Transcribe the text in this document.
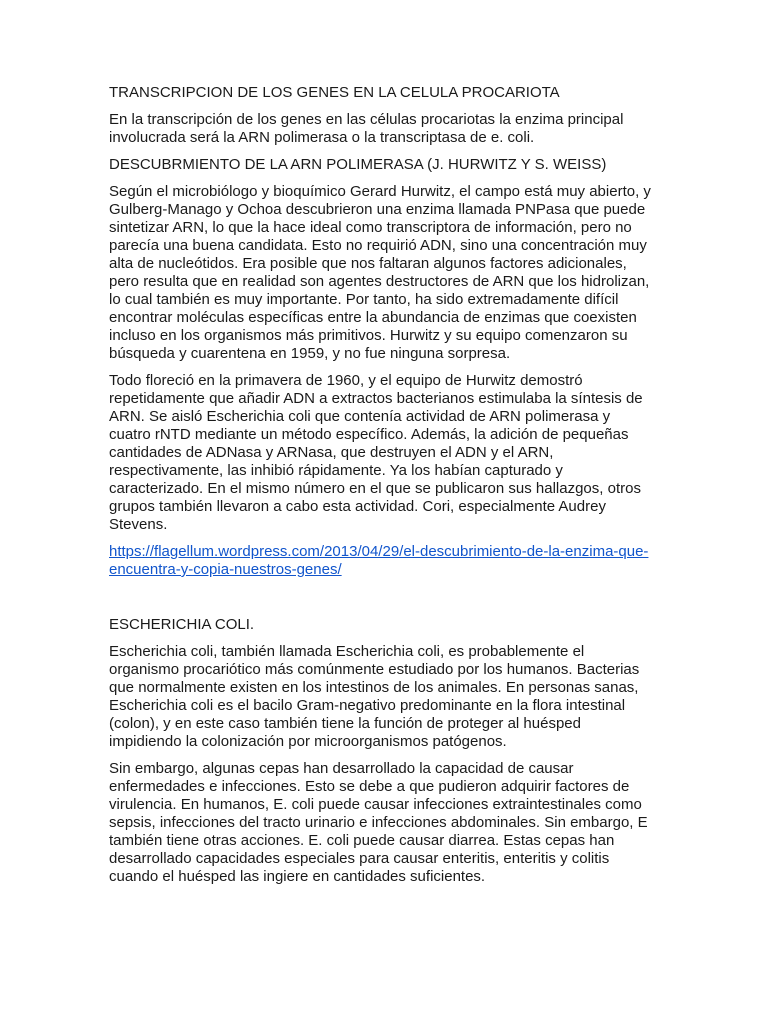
TRANSCRIPCION DE LOS GENES EN LA CELULA PROCARIOTA

En la transcripción de los genes en las células procariotas la enzima principal involucrada será la ARN polimerasa o la transcriptasa de e. coli.

DESCUBRMIENTO DE LA ARN POLIMERASA (J. HURWITZ Y S. WEISS)

Según el microbiólogo y bioquímico Gerard Hurwitz, el campo está muy abierto, y Gulberg-Manago y Ochoa descubrieron una enzima llamada PNPasa que puede sintetizar ARN, lo que la hace ideal como transcriptora de información, pero no parecía una buena candidata. Esto no requirió ADN, sino una concentración muy alta de nucleótidos. Era posible que nos faltaran algunos factores adicionales, pero resulta que en realidad son agentes destructores de ARN que los hidrolizan, lo cual también es muy importante. Por tanto, ha sido extremadamente difícil encontrar moléculas específicas entre la abundancia de enzimas que coexisten incluso en los organismos más primitivos. Hurwitz y su equipo comenzaron su búsqueda y cuarentena en 1959, y no fue ninguna sorpresa.

Todo floreció en la primavera de 1960, y el equipo de Hurwitz demostró repetidamente que añadir ADN a extractos bacterianos estimulaba la síntesis de ARN. Se aisló Escherichia coli que contenía actividad de ARN polimerasa y cuatro rNTD mediante un método específico. Además, la adición de pequeñas cantidades de ADNasa y ARNasa, que destruyen el ADN y el ARN, respectivamente, las inhibió rápidamente. Ya los habían capturado y caracterizado. En el mismo número en el que se publicaron sus hallazgos, otros grupos también llevaron a cabo esta actividad. Cori, especialmente Audrey Stevens.

https://flagellum.wordpress.com/2013/04/29/el-descubrimiento-de-la-enzima-que-encuentra-y-copia-nuestros-genes/

ESCHERICHIA COLI.

Escherichia coli, también llamada Escherichia coli, es probablemente el organismo procariótico más comúnmente estudiado por los humanos. Bacterias que normalmente existen en los intestinos de los animales. En personas sanas, Escherichia coli es el bacilo Gram-negativo predominante en la flora intestinal (colon), y en este caso también tiene la función de proteger al huésped impidiendo la colonización por microorganismos patógenos.

Sin embargo, algunas cepas han desarrollado la capacidad de causar enfermedades e infecciones. Esto se debe a que pudieron adquirir factores de virulencia. En humanos, E. coli puede causar infecciones extraintestinales como sepsis, infecciones del tracto urinario e infecciones abdominales. Sin embargo, E también tiene otras acciones. E. coli puede causar diarrea. Estas cepas han desarrollado capacidades especiales para causar enteritis, enteritis y colitis cuando el huésped las ingiere en cantidades suficientes.
